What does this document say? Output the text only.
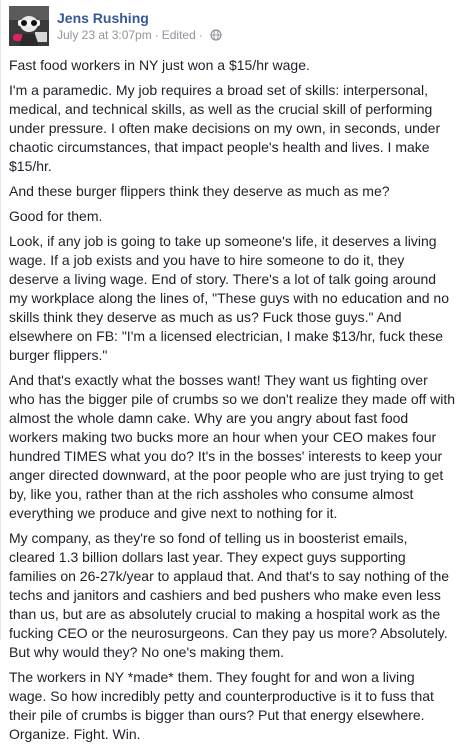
Jens Rushing
July 23 at 3:07pm · Edited ·

Fast food workers in NY just won a $15/hr wage.

I'm a paramedic. My job requires a broad set of skills: interpersonal, medical, and technical skills, as well as the crucial skill of performing under pressure. I often make decisions on my own, in seconds, under chaotic circumstances, that impact people's health and lives. I make $15/hr.

And these burger flippers think they deserve as much as me?

Good for them.

Look, if any job is going to take up someone's life, it deserves a living wage. If a job exists and you have to hire someone to do it, they deserve a living wage. End of story. There's a lot of talk going around my workplace along the lines of, "These guys with no education and no skills think they deserve as much as us? Fuck those guys." And elsewhere on FB: "I'm a licensed electrician, I make $13/hr, fuck these burger flippers."

And that's exactly what the bosses want! They want us fighting over who has the bigger pile of crumbs so we don't realize they made off with almost the whole damn cake. Why are you angry about fast food workers making two bucks more an hour when your CEO makes four hundred TIMES what you do? It's in the bosses' interests to keep your anger directed downward, at the poor people who are just trying to get by, like you, rather than at the rich assholes who consume almost everything we produce and give next to nothing for it.

My company, as they're so fond of telling us in boosterist emails, cleared 1.3 billion dollars last year. They expect guys supporting families on 26-27k/year to applaud that. And that's to say nothing of the techs and janitors and cashiers and bed pushers who make even less than us, but are as absolutely crucial to making a hospital work as the fucking CEO or the neurosurgeons. Can they pay us more? Absolutely. But why would they? No one's making them.

The workers in NY *made* them. They fought for and won a living wage. So how incredibly petty and counterproductive is it to fuss that their pile of crumbs is bigger than ours? Put that energy elsewhere. Organize. Fight. Win.
